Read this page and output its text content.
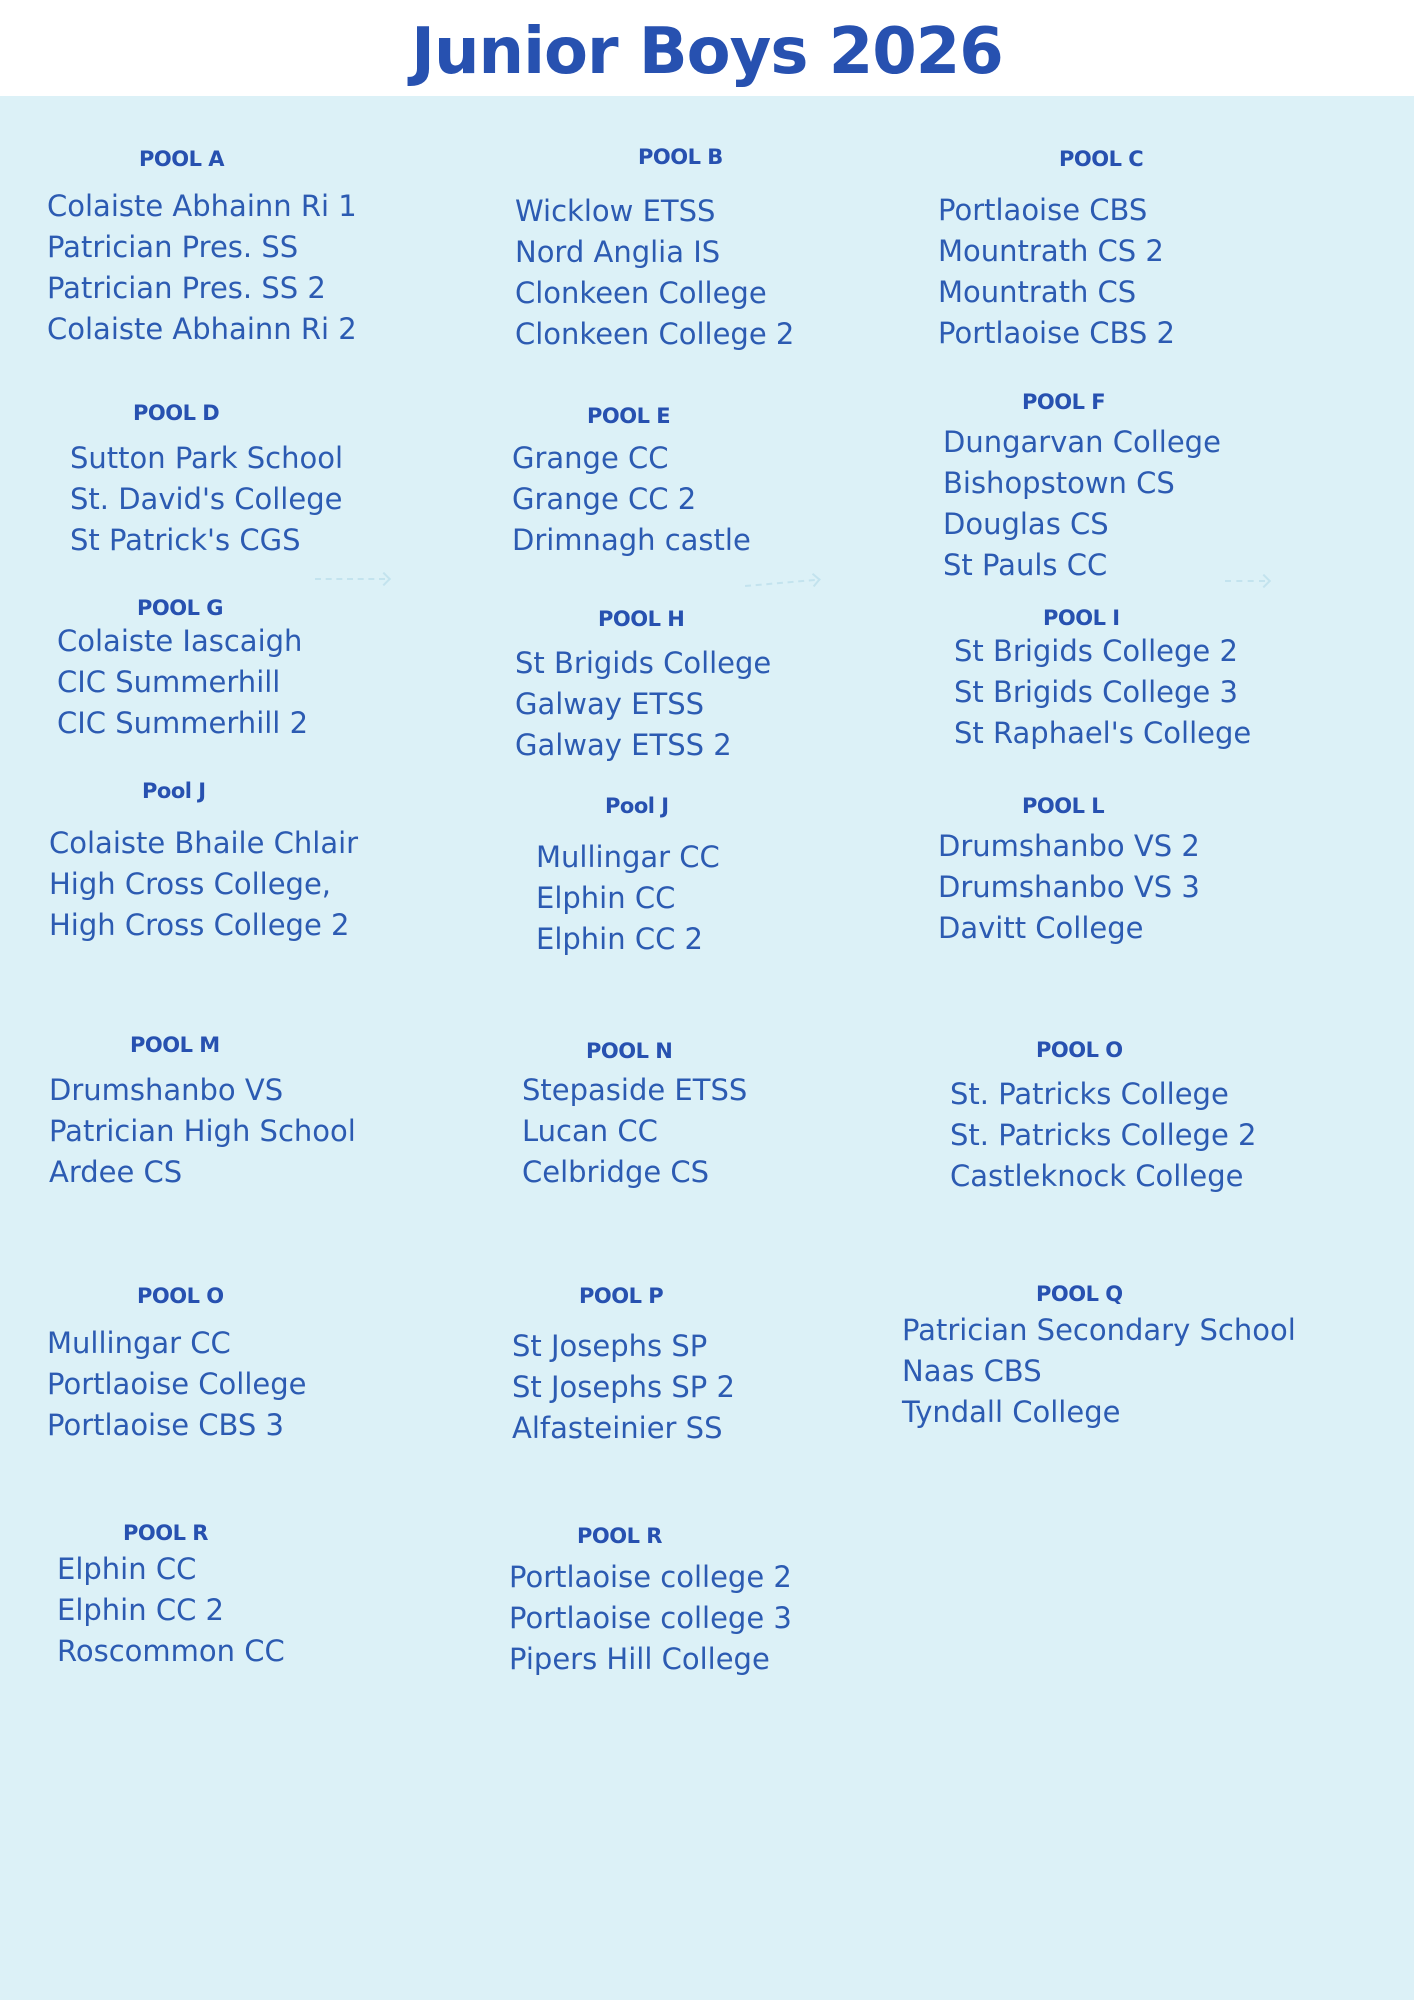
Junior Boys 2026
POOL A
Colaiste Abhainn Ri 1
Patrician Pres. SS
Patrician Pres. SS 2
Colaiste Abhainn Ri 2
POOL B
Wicklow ETSS
Nord Anglia IS
Clonkeen College
Clonkeen College 2
POOL C
Portlaoise CBS
Mountrath CS 2
Mountrath CS
Portlaoise CBS 2
POOL D
Sutton Park School
St. David's College
St Patrick's CGS
POOL E
Grange CC
Grange CC 2
Drimnagh castle
POOL F
Dungarvan College
Bishopstown CS
Douglas CS
St Pauls CC
POOL G
Colaiste Iascaigh
CIC Summerhill
CIC Summerhill 2
POOL H
St Brigids College
Galway ETSS
Galway ETSS 2
POOL I
St Brigids College 2
St Brigids College 3
St Raphael's College
Pool J
Colaiste Bhaile Chlair
High Cross College,
High Cross College 2
Pool J
Mullingar CC
Elphin CC
Elphin CC 2
POOL L
Drumshanbo VS 2
Drumshanbo VS 3
Davitt College
POOL M
Drumshanbo VS
Patrician High School
Ardee CS
POOL N
Stepaside ETSS
Lucan CC
Celbridge CS
POOL O
St. Patricks College
St. Patricks College 2
Castleknock College
POOL O
Mullingar CC
Portlaoise College
Portlaoise CBS 3
POOL P
St Josephs SP
St Josephs SP 2
Alfasteinier SS
POOL Q
Patrician Secondary School
Naas CBS
Tyndall College
POOL R
Elphin CC
Elphin CC 2
Roscommon CC
POOL R
Portlaoise college 2
Portlaoise college 3
Pipers Hill College
